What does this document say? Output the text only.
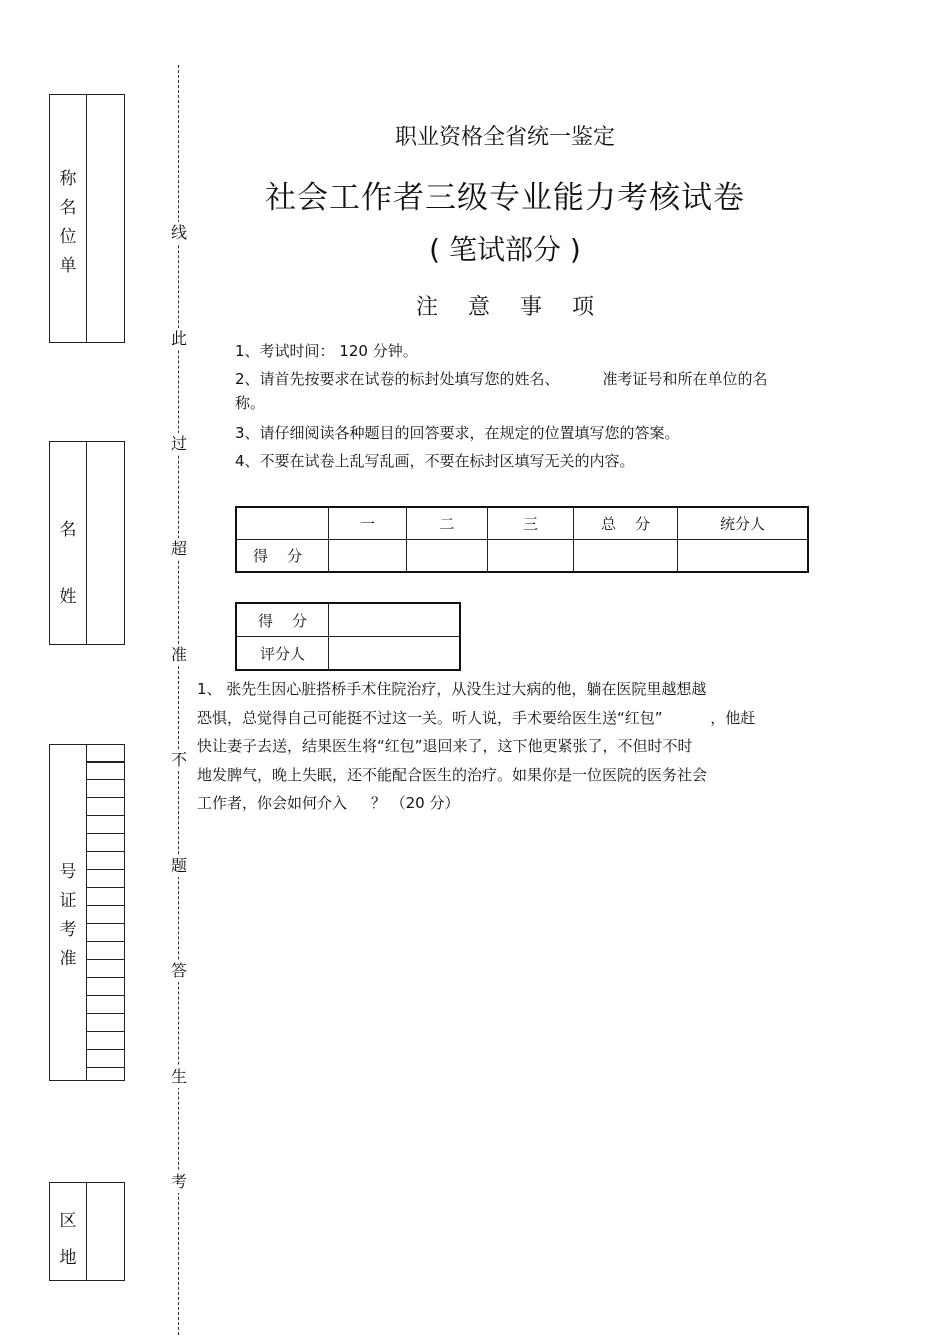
称
名
位
单
名
姓
号
证
考
准
区
地
线
此
过
超
准
不
题
答
生
考
职业资格全省统一鉴定
社会工作者三级专业能力考核试卷
( 笔试部分 )
注意事项

1、考试时间： 120 分钟。

2、请首先按要求在试卷的标封处填写您的姓名、         准考证号和所在单位的名

称。

3、请仔细阅读各种题目的回答要求，在规定的位置填写您的答案。

4、不要在试卷上乱写乱画，不要在标封区填写无关的内容。

	一	二	三	总    分	统分人
得    分					
得    分	
评分人	

1、 张先生因心脏搭桥手术住院治疗，从没生过大病的他，躺在医院里越想越

恐惧，总觉得自己可能挺不过这一关。听人说，手术要给医生送“红包”          ，他赶

快让妻子去送，结果医生将“红包”退回来了，这下他更紧张了，不但时不时

地发脾气，晚上失眠，还不能配合医生的治疗。如果你是一位医院的医务社会

工作者，你会如何介入     ？ （20 分）
